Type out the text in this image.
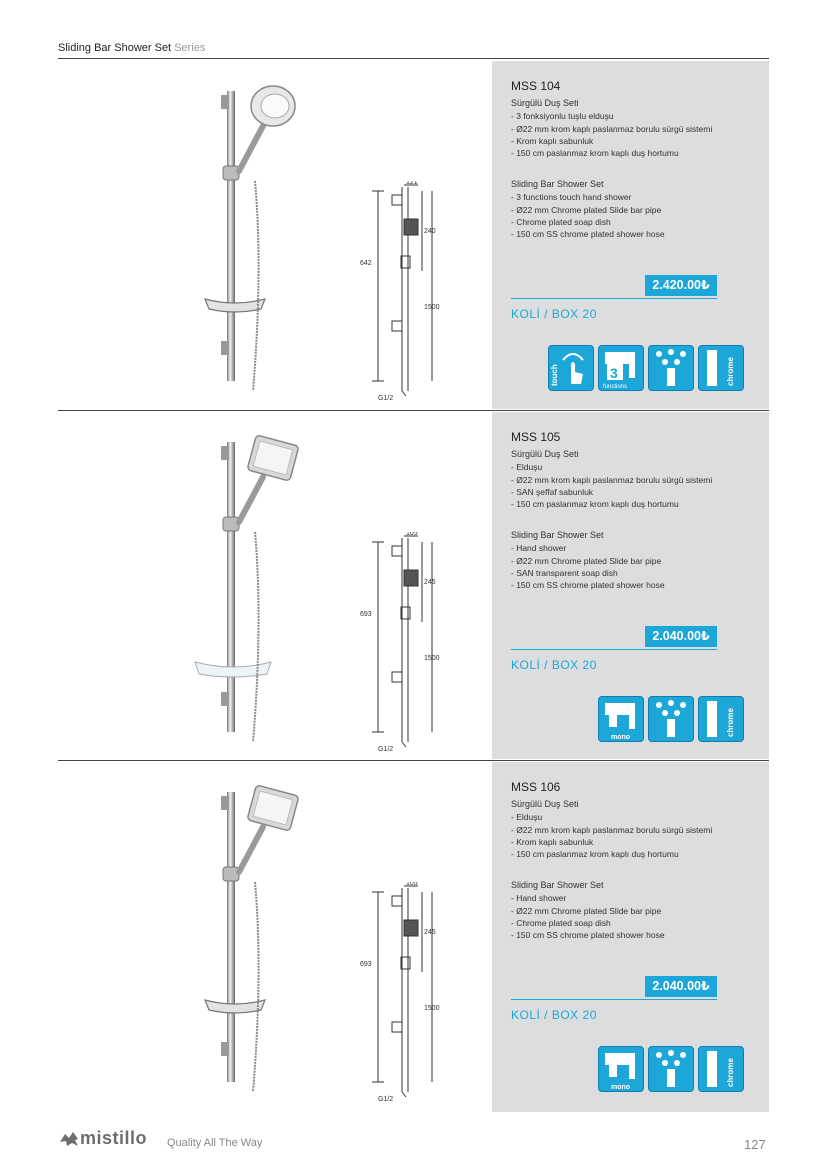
Sliding Bar Shower Set Series
121
240
642
1500
G1/2
MSS 104
Sürgülü Duş Seti
- 3 fonksiyonlu tuşlu elduşu
- Ø22 mm krom kaplı paslanmaz borulu sürgü sistemi
- Krom kaplı sabunluk
- 150 cm paslanmaz krom kaplı duş hortumu
Sliding Bar Shower Set
- 3 functions touch hand shower
- Ø22 mm Chrome plated Slide bar pipe
- Chrome plated soap dish
- 150 cm SS chrome plated shower hose
2.420.00₺
KOLİ / BOX 20
touch	3
functions
chrome
105
245
693
1500
G1/2
MSS 105
Sürgülü Duş Seti
- Elduşu
- Ø22 mm krom kaplı paslanmaz borulu sürgü sistemi
- SAN şeffaf sabunluk
- 150 cm paslanmaz krom kaplı duş hortumu
Sliding Bar Shower Set
- Hand shower
- Ø22 mm Chrome plated Slide bar pipe
- SAN transparent soap dish
- 150 cm SS chrome plated shower hose
2.040.00₺
KOLİ / BOX 20
mono
chrome
105
245
693
1500
G1/2
MSS 106
Sürgülü Duş Seti
- Elduşu
- Ø22 mm krom kaplı paslanmaz borulu sürgü sistemi
- Krom kaplı sabunluk
- 150 cm paslanmaz krom kaplı duş hortumu
Sliding Bar Shower Set
- Hand shower
- Ø22 mm Chrome plated Slide bar pipe
- Chrome plated soap dish
- 150 cm SS chrome plated shower hose
2.040.00₺
KOLİ / BOX 20
mono
chrome
mistillo Quality All The Way	127
